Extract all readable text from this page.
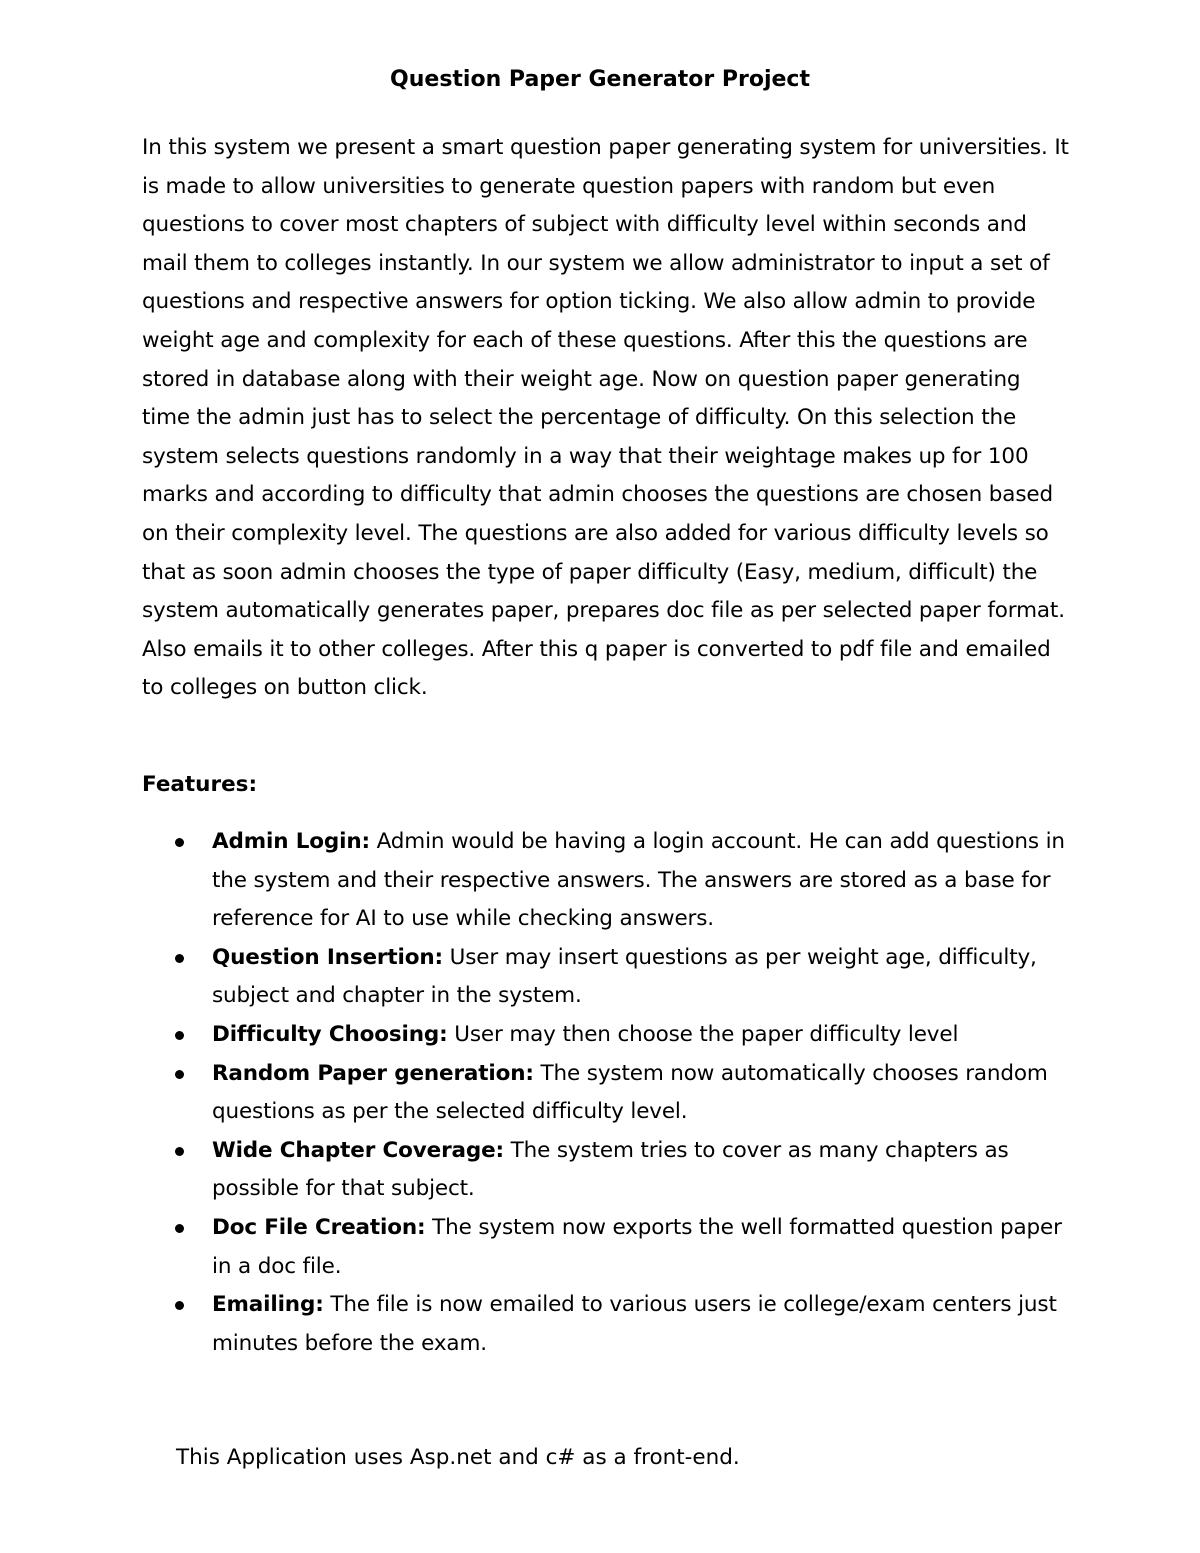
Question Paper Generator Project

In this system we present a smart question paper generating system for universities. It is made to allow universities to generate question papers with random but even questions to cover most chapters of subject with difficulty level within seconds and mail them to colleges instantly. In our system we allow administrator to input a set of questions and respective answers for option ticking. We also allow admin to provide weight age and complexity for each of these questions. After this the questions are stored in database along with their weight age. Now on question paper generating time the admin just has to select the percentage of difficulty. On this selection the system selects questions randomly in a way that their weightage makes up for 100 marks and according to difficulty that admin chooses the questions are chosen based on their complexity level. The questions are also added for various difficulty levels so that as soon admin chooses the type of paper difficulty (Easy, medium, difficult) the system automatically generates paper, prepares doc file as per selected paper format. Also emails it to other colleges. After this q paper is converted to pdf file and emailed to colleges on button click.

Features:

Admin Login: Admin would be having a login account. He can add questions in the system and their respective answers. The answers are stored as a base for reference for AI to use while checking answers.
Question Insertion: User may insert questions as per weight age, difficulty, subject and chapter in the system.
Difficulty Choosing: User may then choose the paper difficulty level
Random Paper generation: The system now automatically chooses random questions as per the selected difficulty level.
Wide Chapter Coverage: The system tries to cover as many chapters as possible for that subject.
Doc File Creation: The system now exports the well formatted question paper in a doc file.
Emailing: The file is now emailed to various users ie college/exam centers just minutes before the exam.

This Application uses Asp.net and c# as a front-end.
